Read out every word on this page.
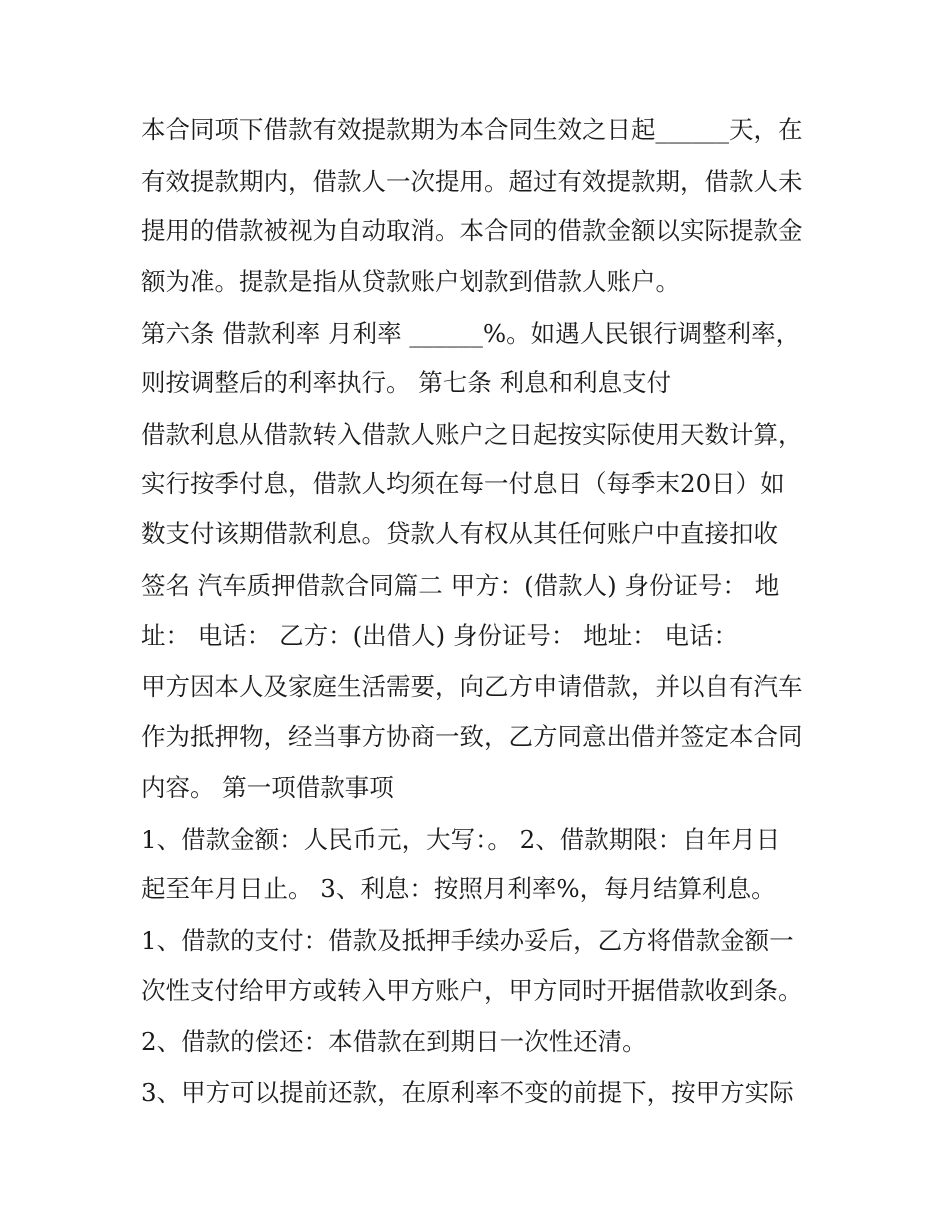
本合同项下借款有效提款期为本合同生效之日起______天，在

有效提款期内，借款人一次提用。超过有效提款期，借款人未

提用的借款被视为自动取消。本合同的借款金额以实际提款金

额为准。提款是指从贷款账户划款到借款人账户。

第六条 借款利率 月利率 ______%。如遇人民银行调整利率，

则按调整后的利率执行。 第七条 利息和利息支付

借款利息从借款转入借款人账户之日起按实际使用天数计算，

实行按季付息，借款人均须在每一付息日（每季末20日）如

数支付该期借款利息。贷款人有权从其任何账户中直接扣收

签名 汽车质押借款合同篇二 甲方：(借款人) 身份证号： 地

址： 电话： 乙方：(出借人) 身份证号： 地址： 电话：

甲方因本人及家庭生活需要，向乙方申请借款，并以自有汽车

作为抵押物，经当事方协商一致，乙方同意出借并签定本合同

内容。 第一项借款事项

1、借款金额：人民币元，大写：。 2、借款期限：自年月日

起至年月日止。 3、利息：按照月利率%，每月结算利息。

1、借款的支付：借款及抵押手续办妥后，乙方将借款金额一

次性支付给甲方或转入甲方账户，甲方同时开据借款收到条。

2、借款的偿还：本借款在到期日一次性还清。

3、甲方可以提前还款，在原利率不变的前提下，按甲方实际
